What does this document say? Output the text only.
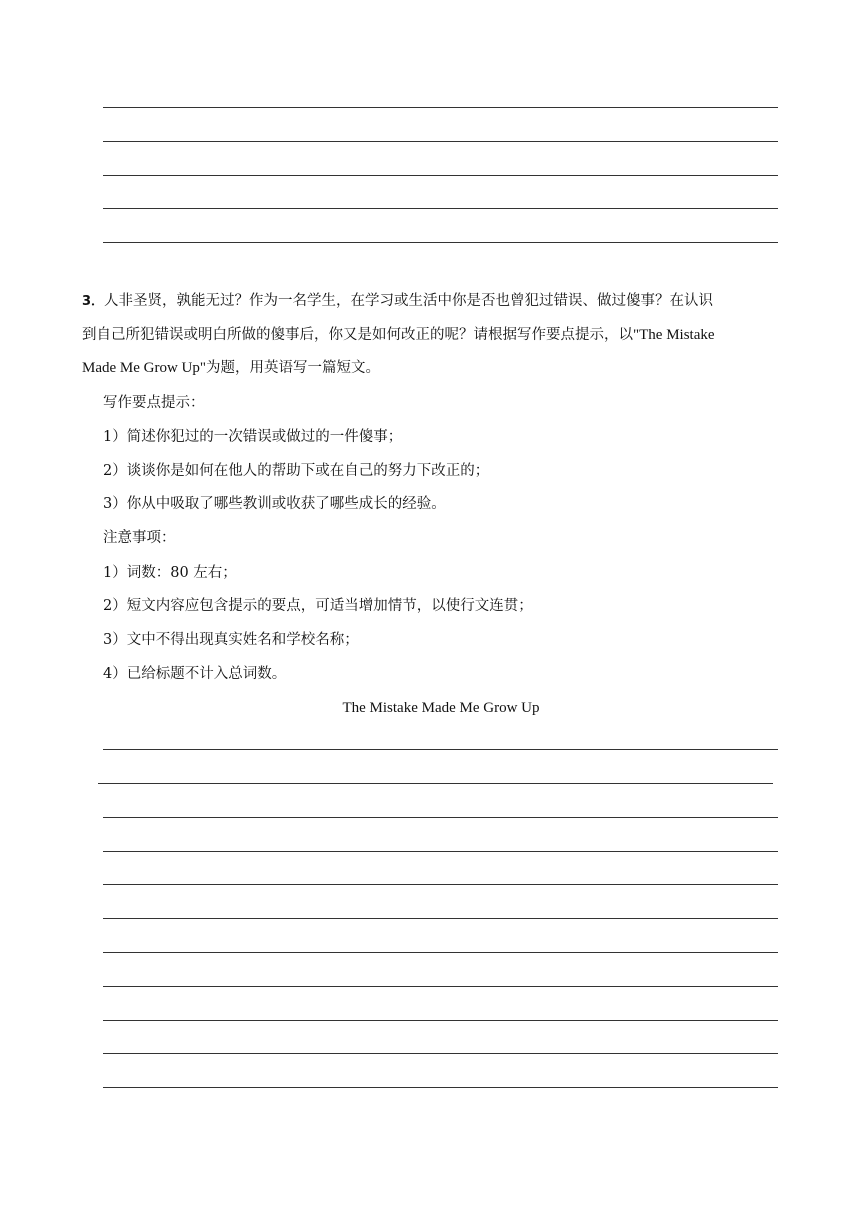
3．人非圣贤，孰能无过？作为一名学生，在学习或生活中你是否也曾犯过错误、做过傻事？在认识
到自己所犯错误或明白所做的傻事后，你又是如何改正的呢？请根据写作要点提示，以"The Mistake
Made Me Grow Up"为题，用英语写一篇短文。
写作要点提示：
1）简述你犯过的一次错误或做过的一件傻事；
2）谈谈你是如何在他人的帮助下或在自己的努力下改正的；
3）你从中吸取了哪些教训或收获了哪些成长的经验。
注意事项：
1）词数：80 左右；
2）短文内容应包含提示的要点，可适当增加情节，以使行文连贯；
3）文中不得出现真实姓名和学校名称；
4）已给标题不计入总词数。
The Mistake Made Me Grow Up
